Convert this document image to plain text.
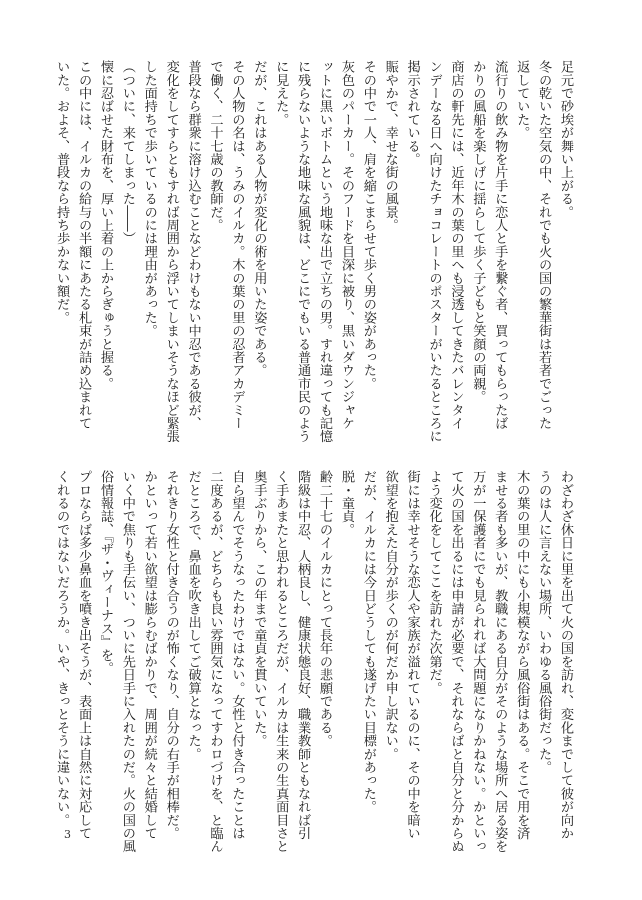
足元で砂埃が舞い上がる。
冬の乾いた空気の中、それでも火の国の繁華街は若者でごった
返していた。
流行りの飲み物を片手に恋人と手を繋ぐ者、買ってもらったば
かりの風船を楽しげに揺らして歩く子どもと笑顔の両親。
商店の軒先には、近年木の葉の里へも浸透してきたバレンタイ
ンデーなる日へ向けたチョコレートのポスターがいたるところに
掲示されている。
賑やかで、幸せな街の風景。
その中で一人、肩を縮こまらせて歩く男の姿があった。
灰色のパーカー。そのフードを目深に被り、黒いダウンジャケ
ットに黒いボトムという地味な出で立ちの男。すれ違っても記憶
に残らないような地味な風貌は、どこにでもいる普通市民のよう
に見えた。
だが、これはある人物が変化の術を用いた姿である。
その人物の名は、うみのイルカ。木の葉の里の忍者アカデミー
で働く、二十七歳の教師だ。
普段なら群衆に溶け込むことなどわけもない中忍である彼が、
変化をしてすらともすれば周囲から浮いてしまいそうなほど緊張
した面持ちで歩いているのには理由があった。
（ついに、来てしまった――）
懐に忍ばせた財布を、厚い上着の上からぎゅうと握る。
この中には、イルカの給与の半額にあたる札束が詰め込まれて
いた。およそ、普段なら持ち歩かない額だ。
わざわざ休日に里を出て火の国を訪れ、変化までして彼が向か
うのは人に言えない場所、いわゆる風俗街だった。
木の葉の里の中にも小規模ながら風俗街はある。そこで用を済
ませる者も多いが、教職にある自分がそのような場所へ居る姿を
万が一保護者にでも見られれば大問題になりかねない。かといっ
て火の国を出るには申請が必要で、それならばと自分と分からぬ
よう変化をしてここを訪れた次第だ。
街には幸せそうな恋人や家族が溢れているのに、その中を暗い
欲望を抱えた自分が歩くのが何だか申し訳ない。
だが、イルカには今日どうしても遂げたい目標があった。
脱・童貞。
齢二十七のイルカにとって長年の悲願である。
階級は中忍、人柄良し、健康状態良好、職業教師ともなれば引
く手あまたと思われるところだが、イルカは生来の生真面目さと
奥手ぶりから、この年まで童貞を貫いていた。
自ら望んでそうなったわけではない。女性と付き合ったことは
二度あるが、どちらも良い雰囲気になってすわロづけを、と臨ん
だところで、鼻血を吹き出してご破算となった。
それきり女性と付き合うのが怖くなり、自分の右手が相棒だ。
かといって若い欲望は膨らむばかりで、周囲が続々と結婚して
いく中で焦りも手伝い、ついに先日手に入れたのだ。火の国の風
俗情報誌、『ザ・ヴィーナス』を。
プロならば多少鼻血を噴き出そうが、表面上は自然に対応して
くれるのではないだろうか。いや、きっとそうに違いない。
3
